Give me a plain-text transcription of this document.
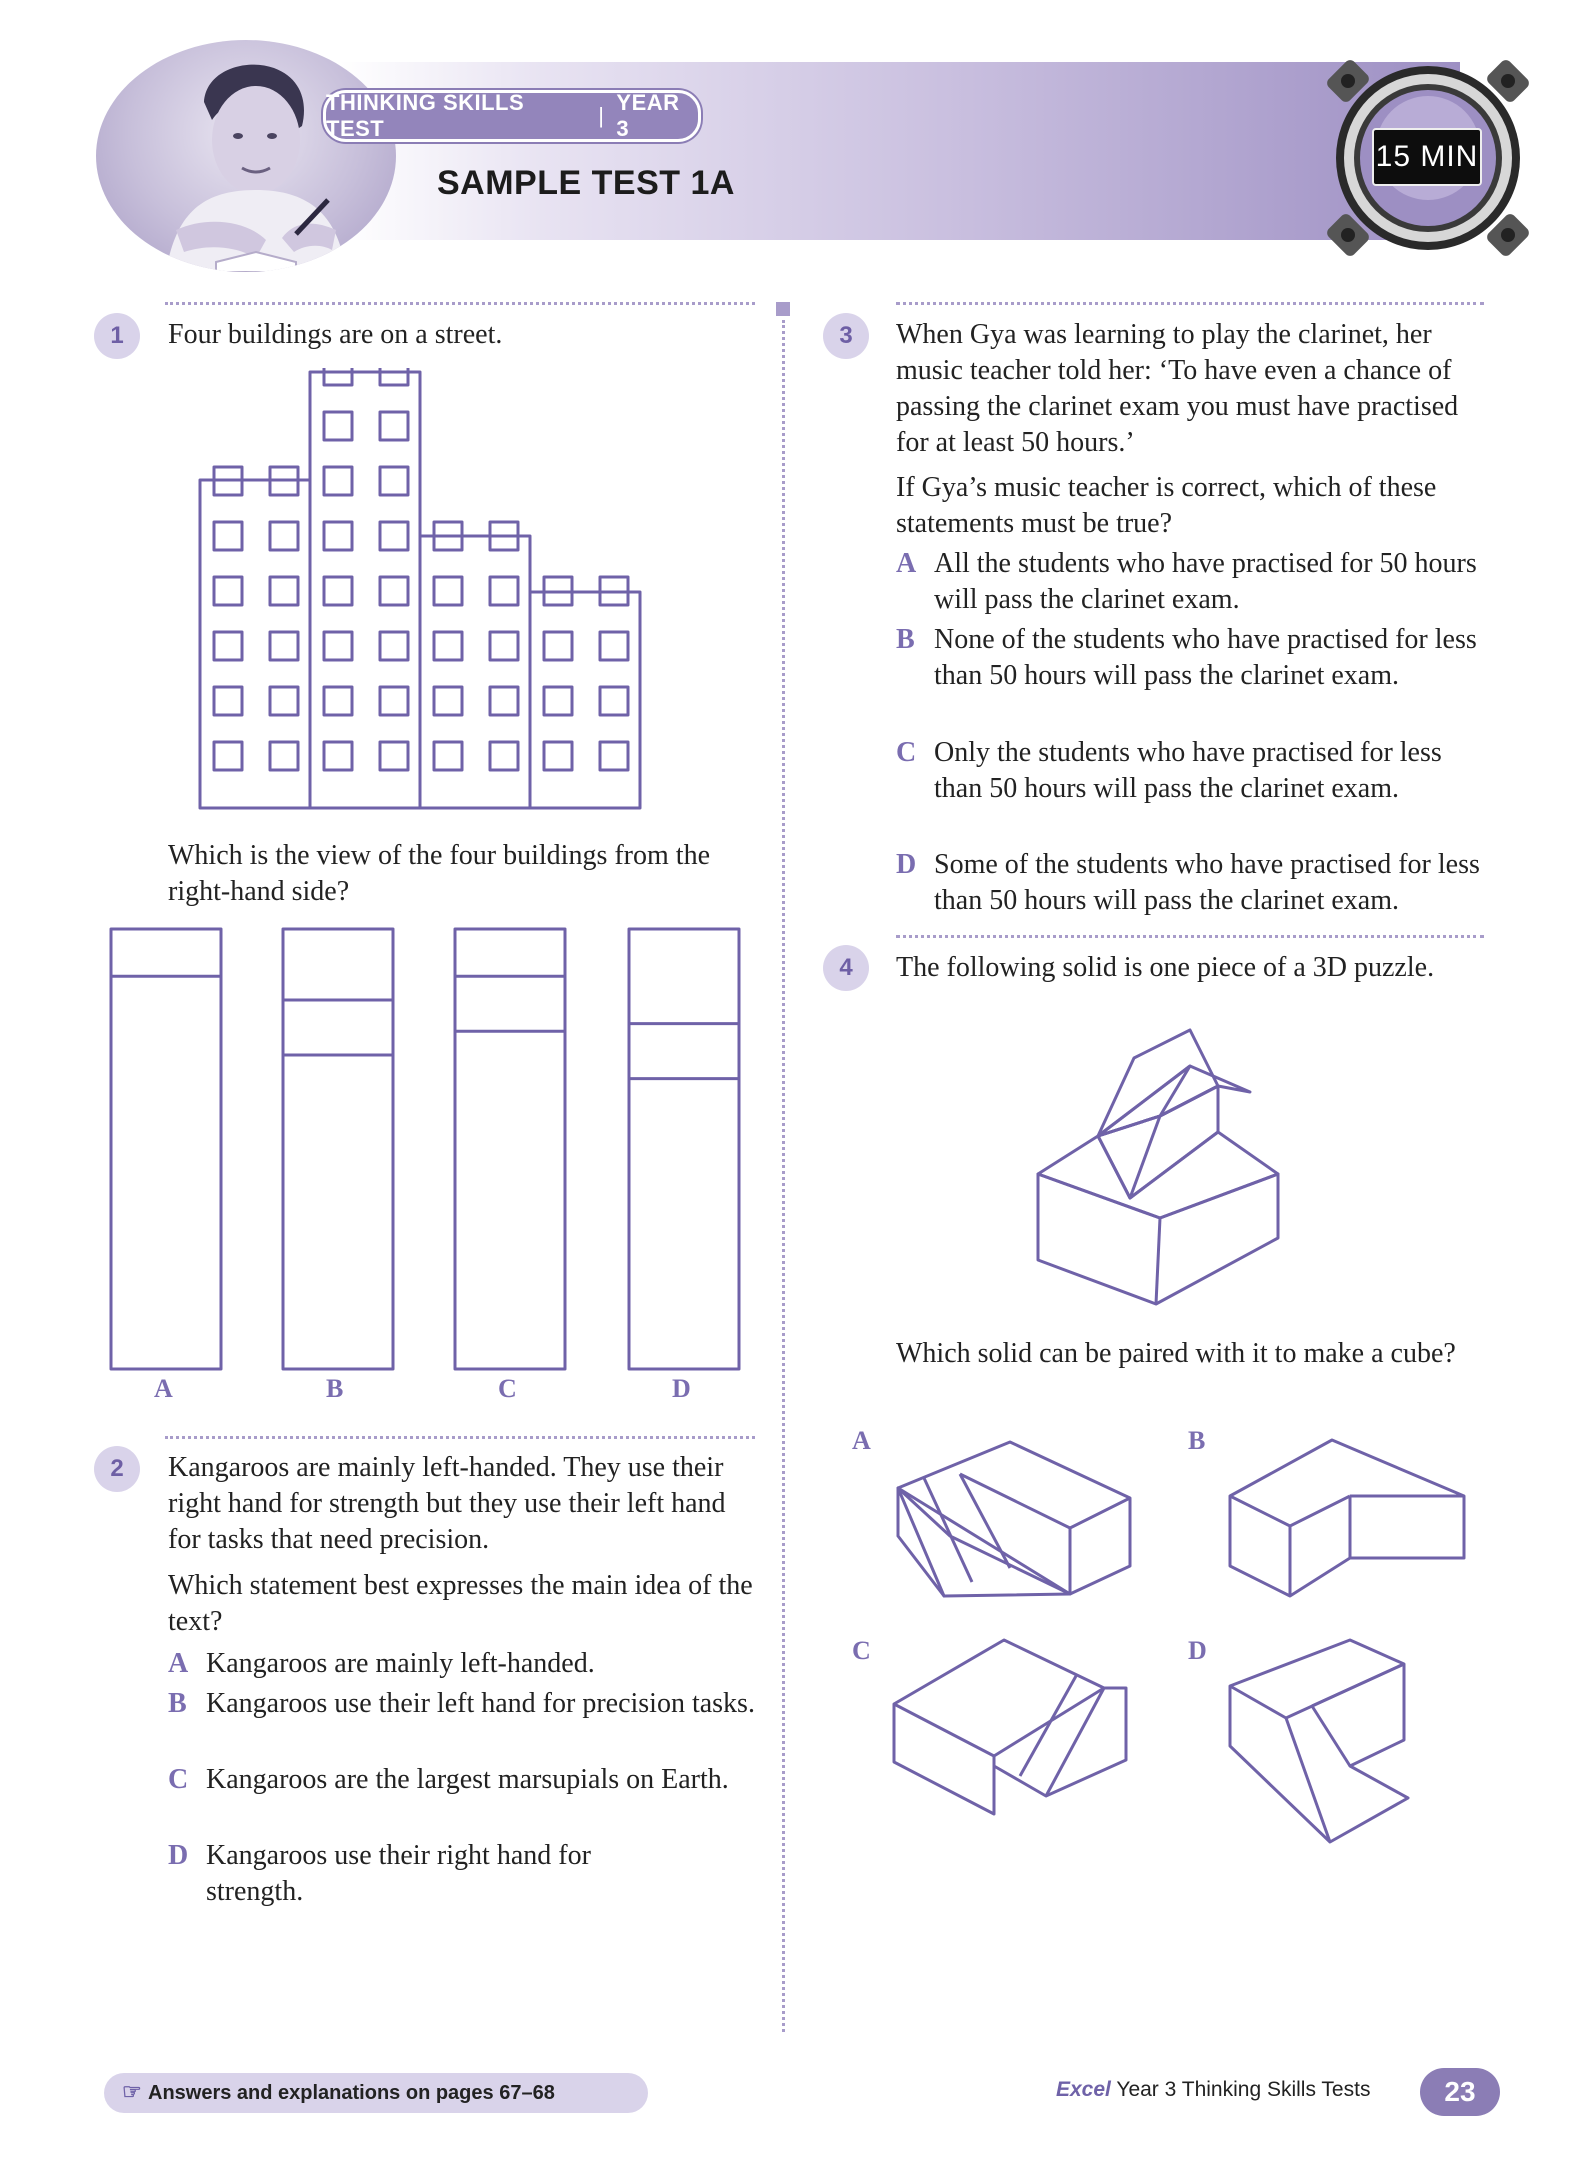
THINKING SKILLS TEST
|
YEAR 3
SAMPLE TEST 1A
15 MIN
1	Four buildings are on a street.
Which is the view of the four buildings from the right-hand side?
A	B	C	D
2	Kangaroos are mainly left-handed. They use their right hand for strength but they use their left hand for tasks that need precision.
Which statement best expresses the main idea of the text?
A Kangaroos are mainly left-handed.
B Kangaroos use their left hand for precision tasks.
C Kangaroos are the largest marsupials on Earth.
D Kangaroos use their right hand for strength.
3	When Gya was learning to play the clarinet, her music teacher told her: ‘To have even a chance of passing the clarinet exam you must have practised for at least 50 hours.’
If Gya’s music teacher is correct, which of these statements must be true?
A All the students who have practised for 50 hours will pass the clarinet exam.
B None of the students who have practised for less than 50 hours will pass the clarinet exam.
C Only the students who have practised for less than 50 hours will pass the clarinet exam.
D Some of the students who have practised for less than 50 hours will pass the clarinet exam.
4	The following solid is one piece of a 3D puzzle.
Which solid can be paired with it to make a cube?
A	B
C	D
☞ Answers and explanations on pages 67–68	Excel Year 3 Thinking Skills Tests	23
